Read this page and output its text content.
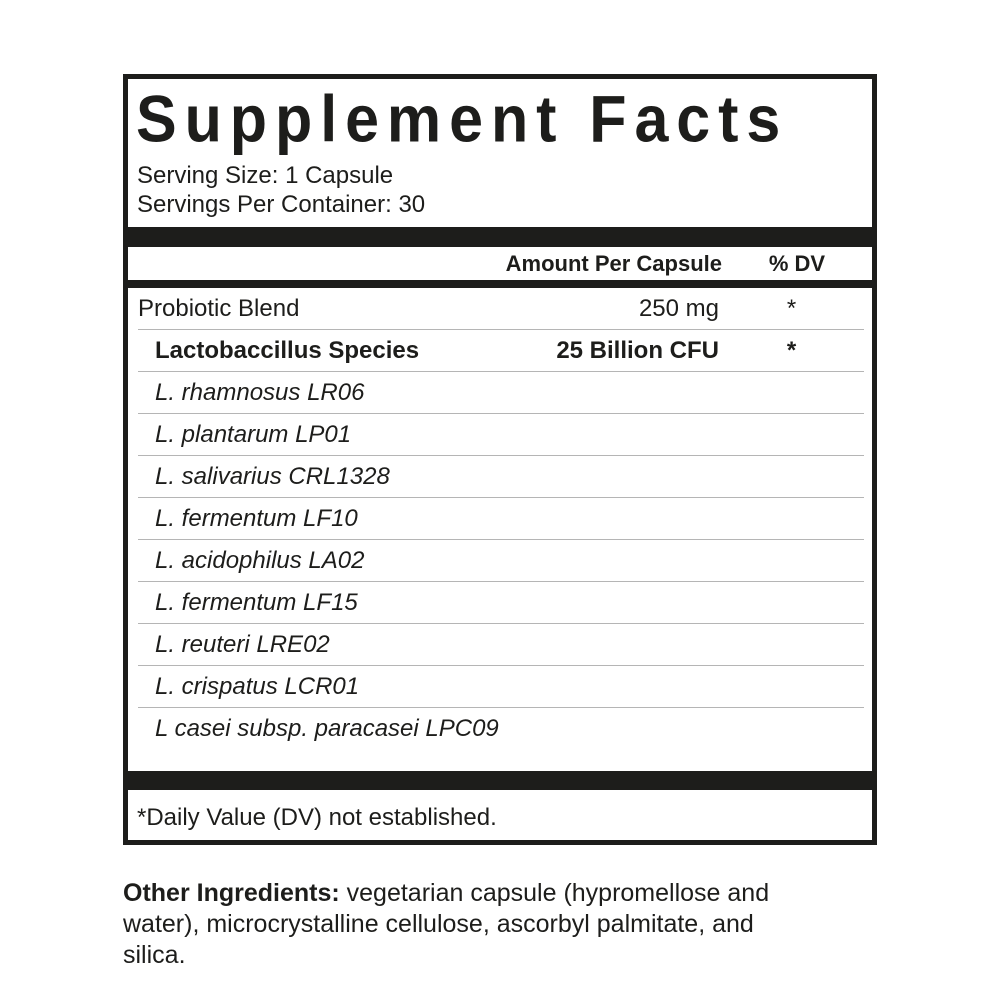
Supplement Facts
Serving Size: 1 Capsule
Servings Per Container: 30
Amount Per Capsule	% DV
Probiotic Blend	250 mg	*
Lactobaccillus Species	25 Billion CFU	*
L. rhamnosus LR06
L. plantarum LP01
L. salivarius CRL1328
L. fermentum LF10
L. acidophilus LA02
L. fermentum LF15
L. reuteri LRE02
L. crispatus LCR01
L casei subsp. paracasei LPC09
*Daily Value (DV) not established.

Other Ingredients: vegetarian capsule (hypromellose and water), microcrystalline cellulose, ascorbyl palmitate, and silica.
